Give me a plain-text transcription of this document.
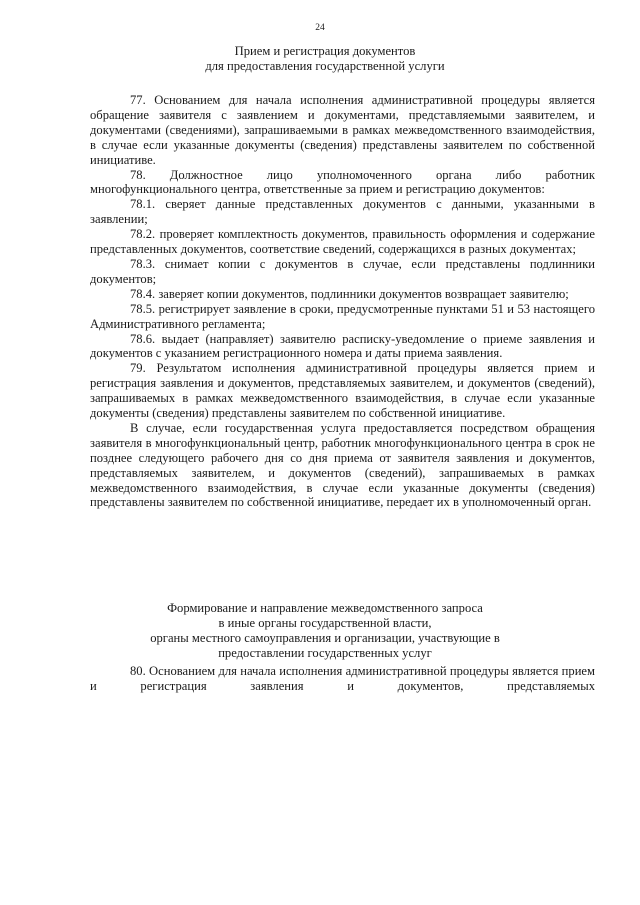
24
Прием и регистрация документов
для предоставления государственной услуги

77. Основанием для начала исполнения административной процедуры является обращение заявителя с заявлением и документами, представляемыми заявителем, и документами (сведениями), запрашиваемыми в рамках межведомственного взаимодействия, в случае если указанные документы (сведения) представлены заявителем по собственной инициативе.

78. Должностное лицо уполномоченного органа либо работник многофункционального центра, ответственные за прием и регистрацию документов:

78.1. сверяет данные представленных документов с данными, указанными в заявлении;

78.2. проверяет комплектность документов, правильность оформления и содержание представленных документов, соответствие сведений, содержащихся в разных документах;

78.3. снимает копии с документов в случае, если представлены подлинники документов;

78.4. заверяет копии документов, подлинники документов возвращает заявителю;

78.5. регистрирует заявление в сроки, предусмотренные пунктами 51 и 53 настоящего Административного регламента;

78.6. выдает (направляет) заявителю расписку-уведомление о приеме заявления и документов с указанием регистрационного номера и даты приема заявления.

79. Результатом исполнения административной процедуры является прием и регистрация заявления и документов, представляемых заявителем, и документов (сведений), запрашиваемых в рамках межведомственного взаимодействия, в случае если указанные документы (сведения) представлены заявителем по собственной инициативе.

В случае, если государственная услуга предоставляется посредством обращения заявителя в многофункциональный центр, работник многофункционального центра в срок не позднее следующего рабочего дня со дня приема от заявителя заявления и документов, представляемых заявителем, и документов (сведений), запрашиваемых в рамках межведомственного взаимодействия, в случае если указанные документы (сведения) представлены заявителем по собственной инициативе, передает их в уполномоченный орган.

Формирование и направление межведомственного запроса
в иные органы государственной власти,
органы местного самоуправления и организации, участвующие в
предоставлении государственных услуг

80. Основанием для начала исполнения административной процедуры является прием и регистрация заявления и документов, представляемых
